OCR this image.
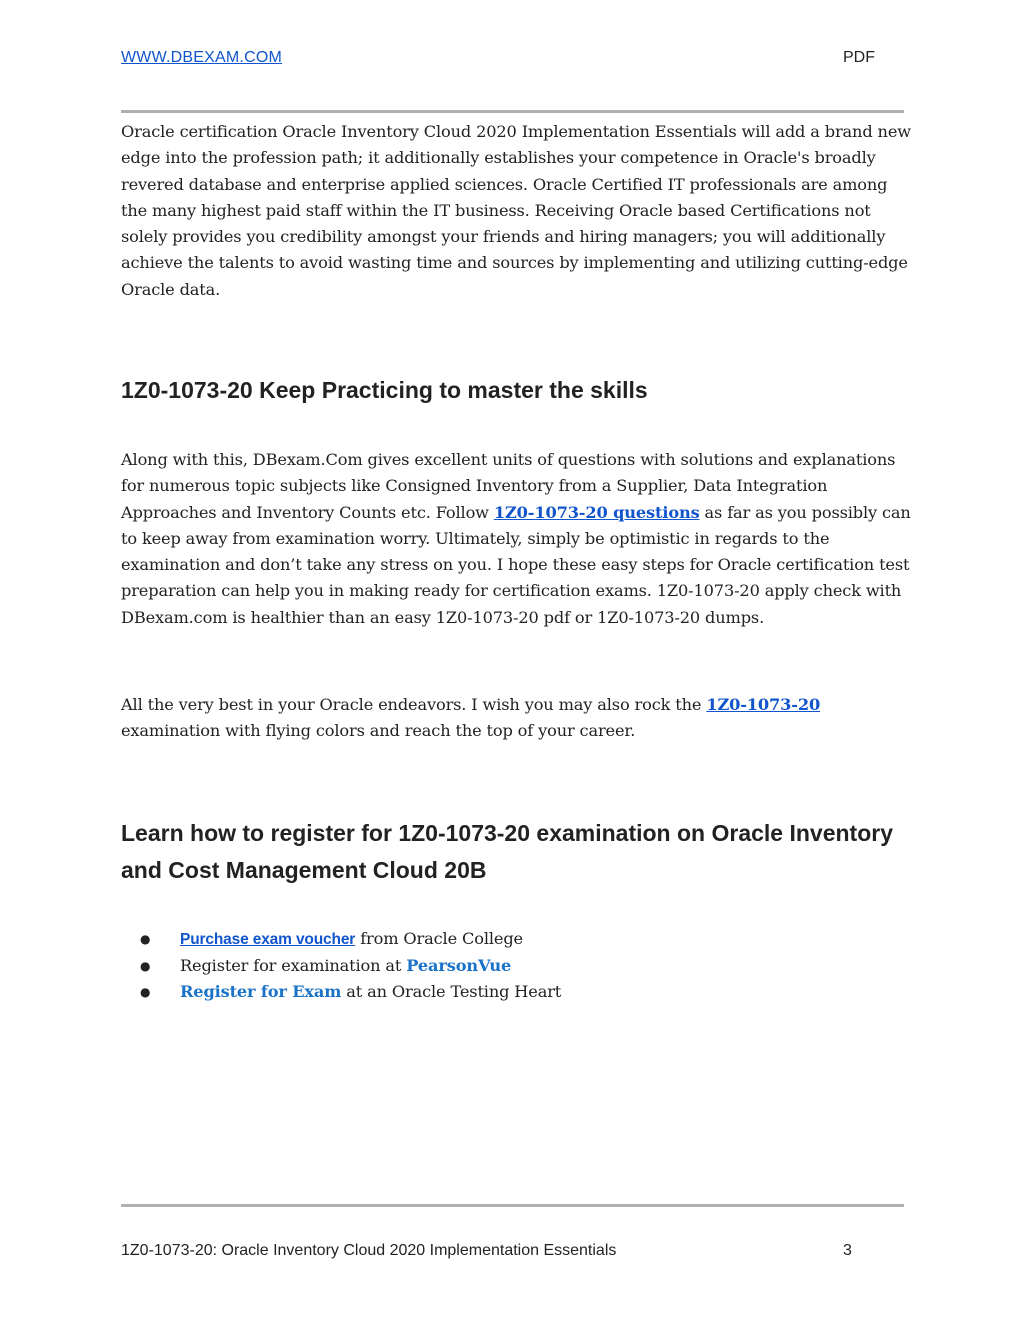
WWW.DBEXAM.COM	PDF

Oracle certification Oracle Inventory Cloud 2020 Implementation Essentials will add a brand new edge into the profession path; it additionally establishes your competence in Oracle's broadly revered database and enterprise applied sciences. Oracle Certified IT professionals are among the many highest paid staff within the IT business. Receiving Oracle based Certifications not solely provides you credibility amongst your friends and hiring managers; you will additionally achieve the talents to avoid wasting time and sources by implementing and utilizing cutting-edge Oracle data.

1Z0-1073-20 Keep Practicing to master the skills

Along with this, DBexam.Com gives excellent units of questions with solutions and explanations for numerous topic subjects like Consigned Inventory from a Supplier, Data Integration Approaches and Inventory Counts etc. Follow 1Z0-1073-20 questions as far as you possibly can to keep away from examination worry. Ultimately, simply be optimistic in regards to the examination and don’t take any stress on you. I hope these easy steps for Oracle certification test preparation can help you in making ready for certification exams. 1Z0-1073-20 apply check with DBexam.com is healthier than an easy 1Z0-1073-20 pdf or 1Z0-1073-20 dumps.

All the very best in your Oracle endeavors. I wish you may also rock the 1Z0-1073-20 examination with flying colors and reach the top of your career.

Learn how to register for 1Z0-1073-20 examination on Oracle Inventory and Cost Management Cloud 20B
● Purchase exam voucher from Oracle College
● Register for examination at PearsonVue
● Register for Exam at an Oracle Testing Heart
1Z0-1073-20: Oracle Inventory Cloud 2020 Implementation Essentials	3
